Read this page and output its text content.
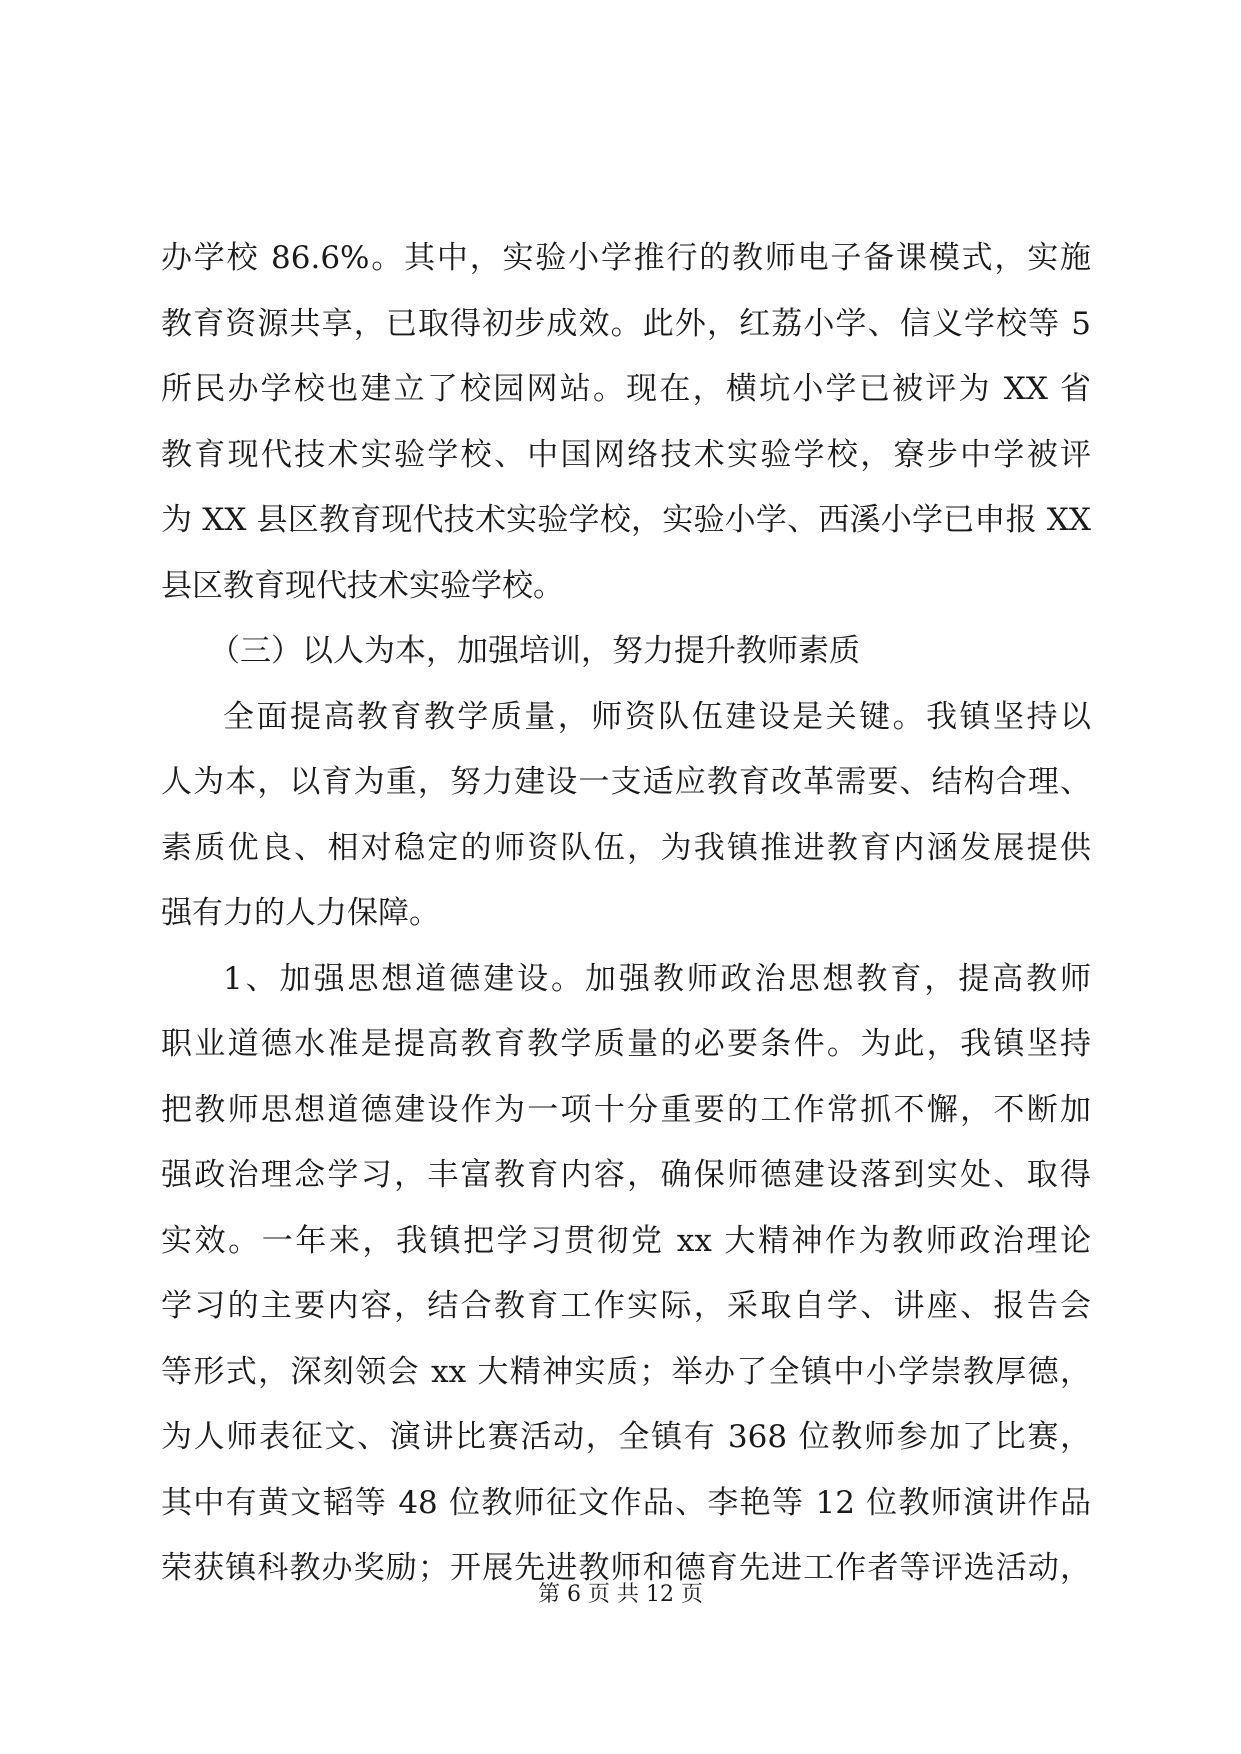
办学校 86.6%。其中，实验小学推行的教师电子备课模式，实施
教育资源共享，已取得初步成效。此外，红荔小学、信义学校等 5
所民办学校也建立了校园网站。现在，横坑小学已被评为 XX 省
教育现代技术实验学校、中国网络技术实验学校，寮步中学被评
为 XX 县区教育现代技术实验学校，实验小学、西溪小学已申报 XX
县区教育现代技术实验学校。
（三）以人为本，加强培训，努力提升教师素质
全面提高教育教学质量，师资队伍建设是关键。我镇坚持以
人为本，以育为重，努力建设一支适应教育改革需要、结构合理、
素质优良、相对稳定的师资队伍，为我镇推进教育内涵发展提供
强有力的人力保障。
1、加强思想道德建设。加强教师政治思想教育，提高教师
职业道德水准是提高教育教学质量的必要条件。为此，我镇坚持
把教师思想道德建设作为一项十分重要的工作常抓不懈，不断加
强政治理念学习，丰富教育内容，确保师德建设落到实处、取得
实效。一年来，我镇把学习贯彻党 xx 大精神作为教师政治理论
学习的主要内容，结合教育工作实际，采取自学、讲座、报告会
等形式，深刻领会 xx 大精神实质；举办了全镇中小学崇教厚德，
为人师表征文、演讲比赛活动，全镇有 368 位教师参加了比赛，
其中有黄文韬等 48 位教师征文作品、李艳等 12 位教师演讲作品
荣获镇科教办奖励；开展先进教师和德育先进工作者等评选活动，
第 6 页 共 12 页
